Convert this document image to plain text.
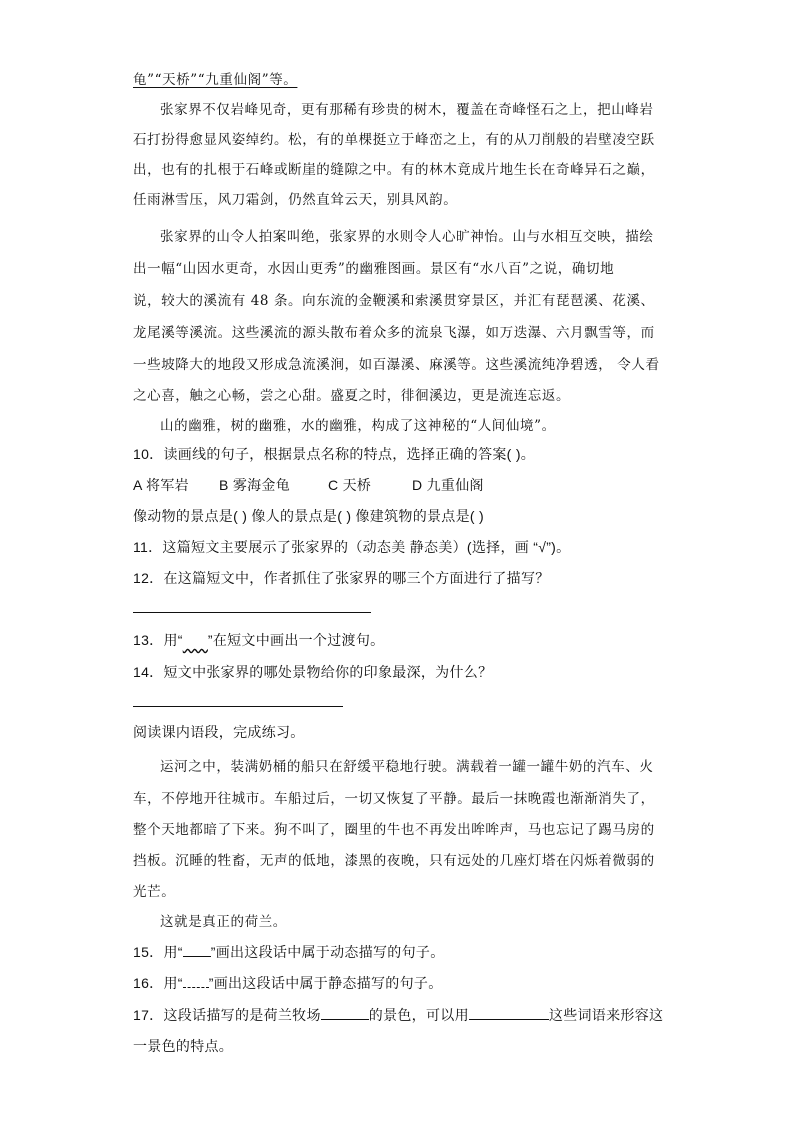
龟”“天桥”“九重仙阁”等。
张家界不仅岩峰见奇，更有那稀有珍贵的树木，覆盖在奇峰怪石之上，把山峰岩
石打扮得愈显风姿绰约。松，有的单棵挺立于峰峦之上，有的从刀削般的岩壁凌空跃
出，也有的扎根于石峰或断崖的缝隙之中。有的林木竟成片地生长在奇峰异石之巅，
任雨淋雪压，风刀霜剑，仍然直耸云天，别具风韵。
张家界的山令人拍案叫绝，张家界的水则令人心旷神怡。山与水相互交映，描绘
出一幅“山因水更奇，水因山更秀”的幽雅图画。景区有“水八百”之说，确切地
说，较大的溪流有 48 条。向东流的金鞭溪和索溪贯穿景区，并汇有琵琶溪、花溪、
龙尾溪等溪流。这些溪流的源头散布着众多的流泉飞瀑，如万迭瀑、六月飘雪等，而
一些坡降大的地段又形成急流溪涧，如百瀑溪、麻溪等。这些溪流纯净碧透， 令人看
之心喜，触之心畅，尝之心甜。盛夏之时，徘徊溪边，更是流连忘返。
山的幽雅，树的幽雅，水的幽雅，构成了这神秘的“人间仙境”。
10．读画线的句子，根据景点名称的特点，选择正确的答案( )。
A 将军岩 B 雾海金龟	C 天桥	D 九重仙阁
像动物的景点是( ) 像人的景点是( ) 像建筑物的景点是( )
11．这篇短文主要展示了张家界的（动态美 静态美）(选择，画 “√”)。
12．在这篇短文中，作者抓住了张家界的哪三个方面进行了描写？
13．用“ ”在短文中画出一个过渡句。
14．短文中张家界的哪处景物给你的印象最深，为什么？
阅读课内语段，完成练习。
运河之中，装满奶桶的船只在舒缓平稳地行驶。满载着一罐一罐牛奶的汽车、火
车，不停地开往城市。车船过后，一切又恢复了平静。最后一抹晚霞也渐渐消失了，
整个天地都暗了下来。狗不叫了，圈里的牛也不再发出哞哞声，马也忘记了踢马房的
挡板。沉睡的牲畜，无声的低地，漆黑的夜晚，只有远处的几座灯塔在闪烁着微弱的
光芒。
这就是真正的荷兰。
15．用“ ”画出这段话中属于动态描写的句子。
16．用“ ”画出这段话中属于静态描写的句子。
17．这段话描写的是荷兰牧场	的景色，可以用	这些词语来形容这
一景色的特点。
